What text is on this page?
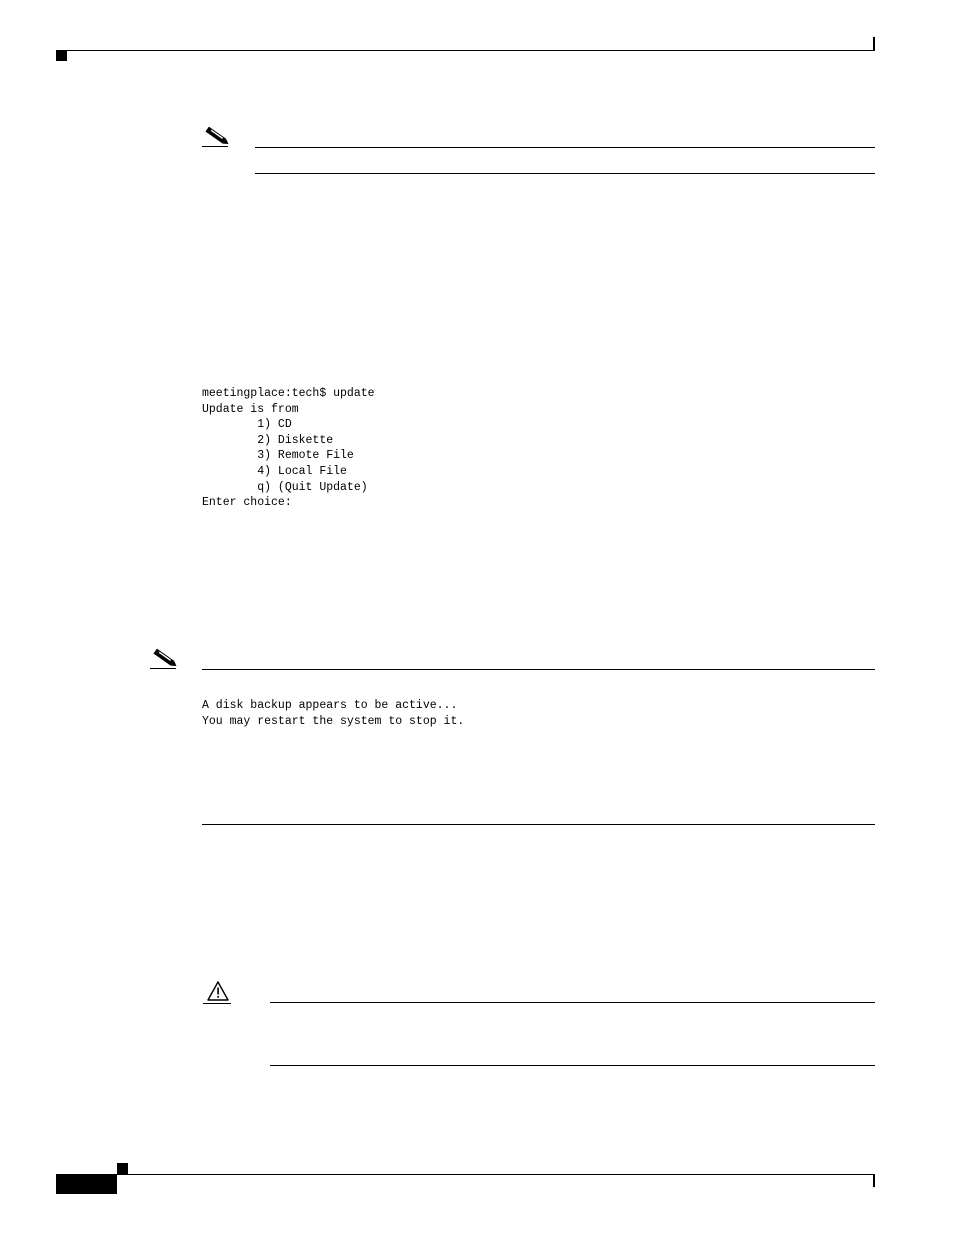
meetingplace:tech$ update
Update is from
1) CD
2) Diskette
3) Remote File
4) Local File
q) (Quit Update)
Enter choice:
A disk backup appears to be active...
You may restart the system to stop it.
